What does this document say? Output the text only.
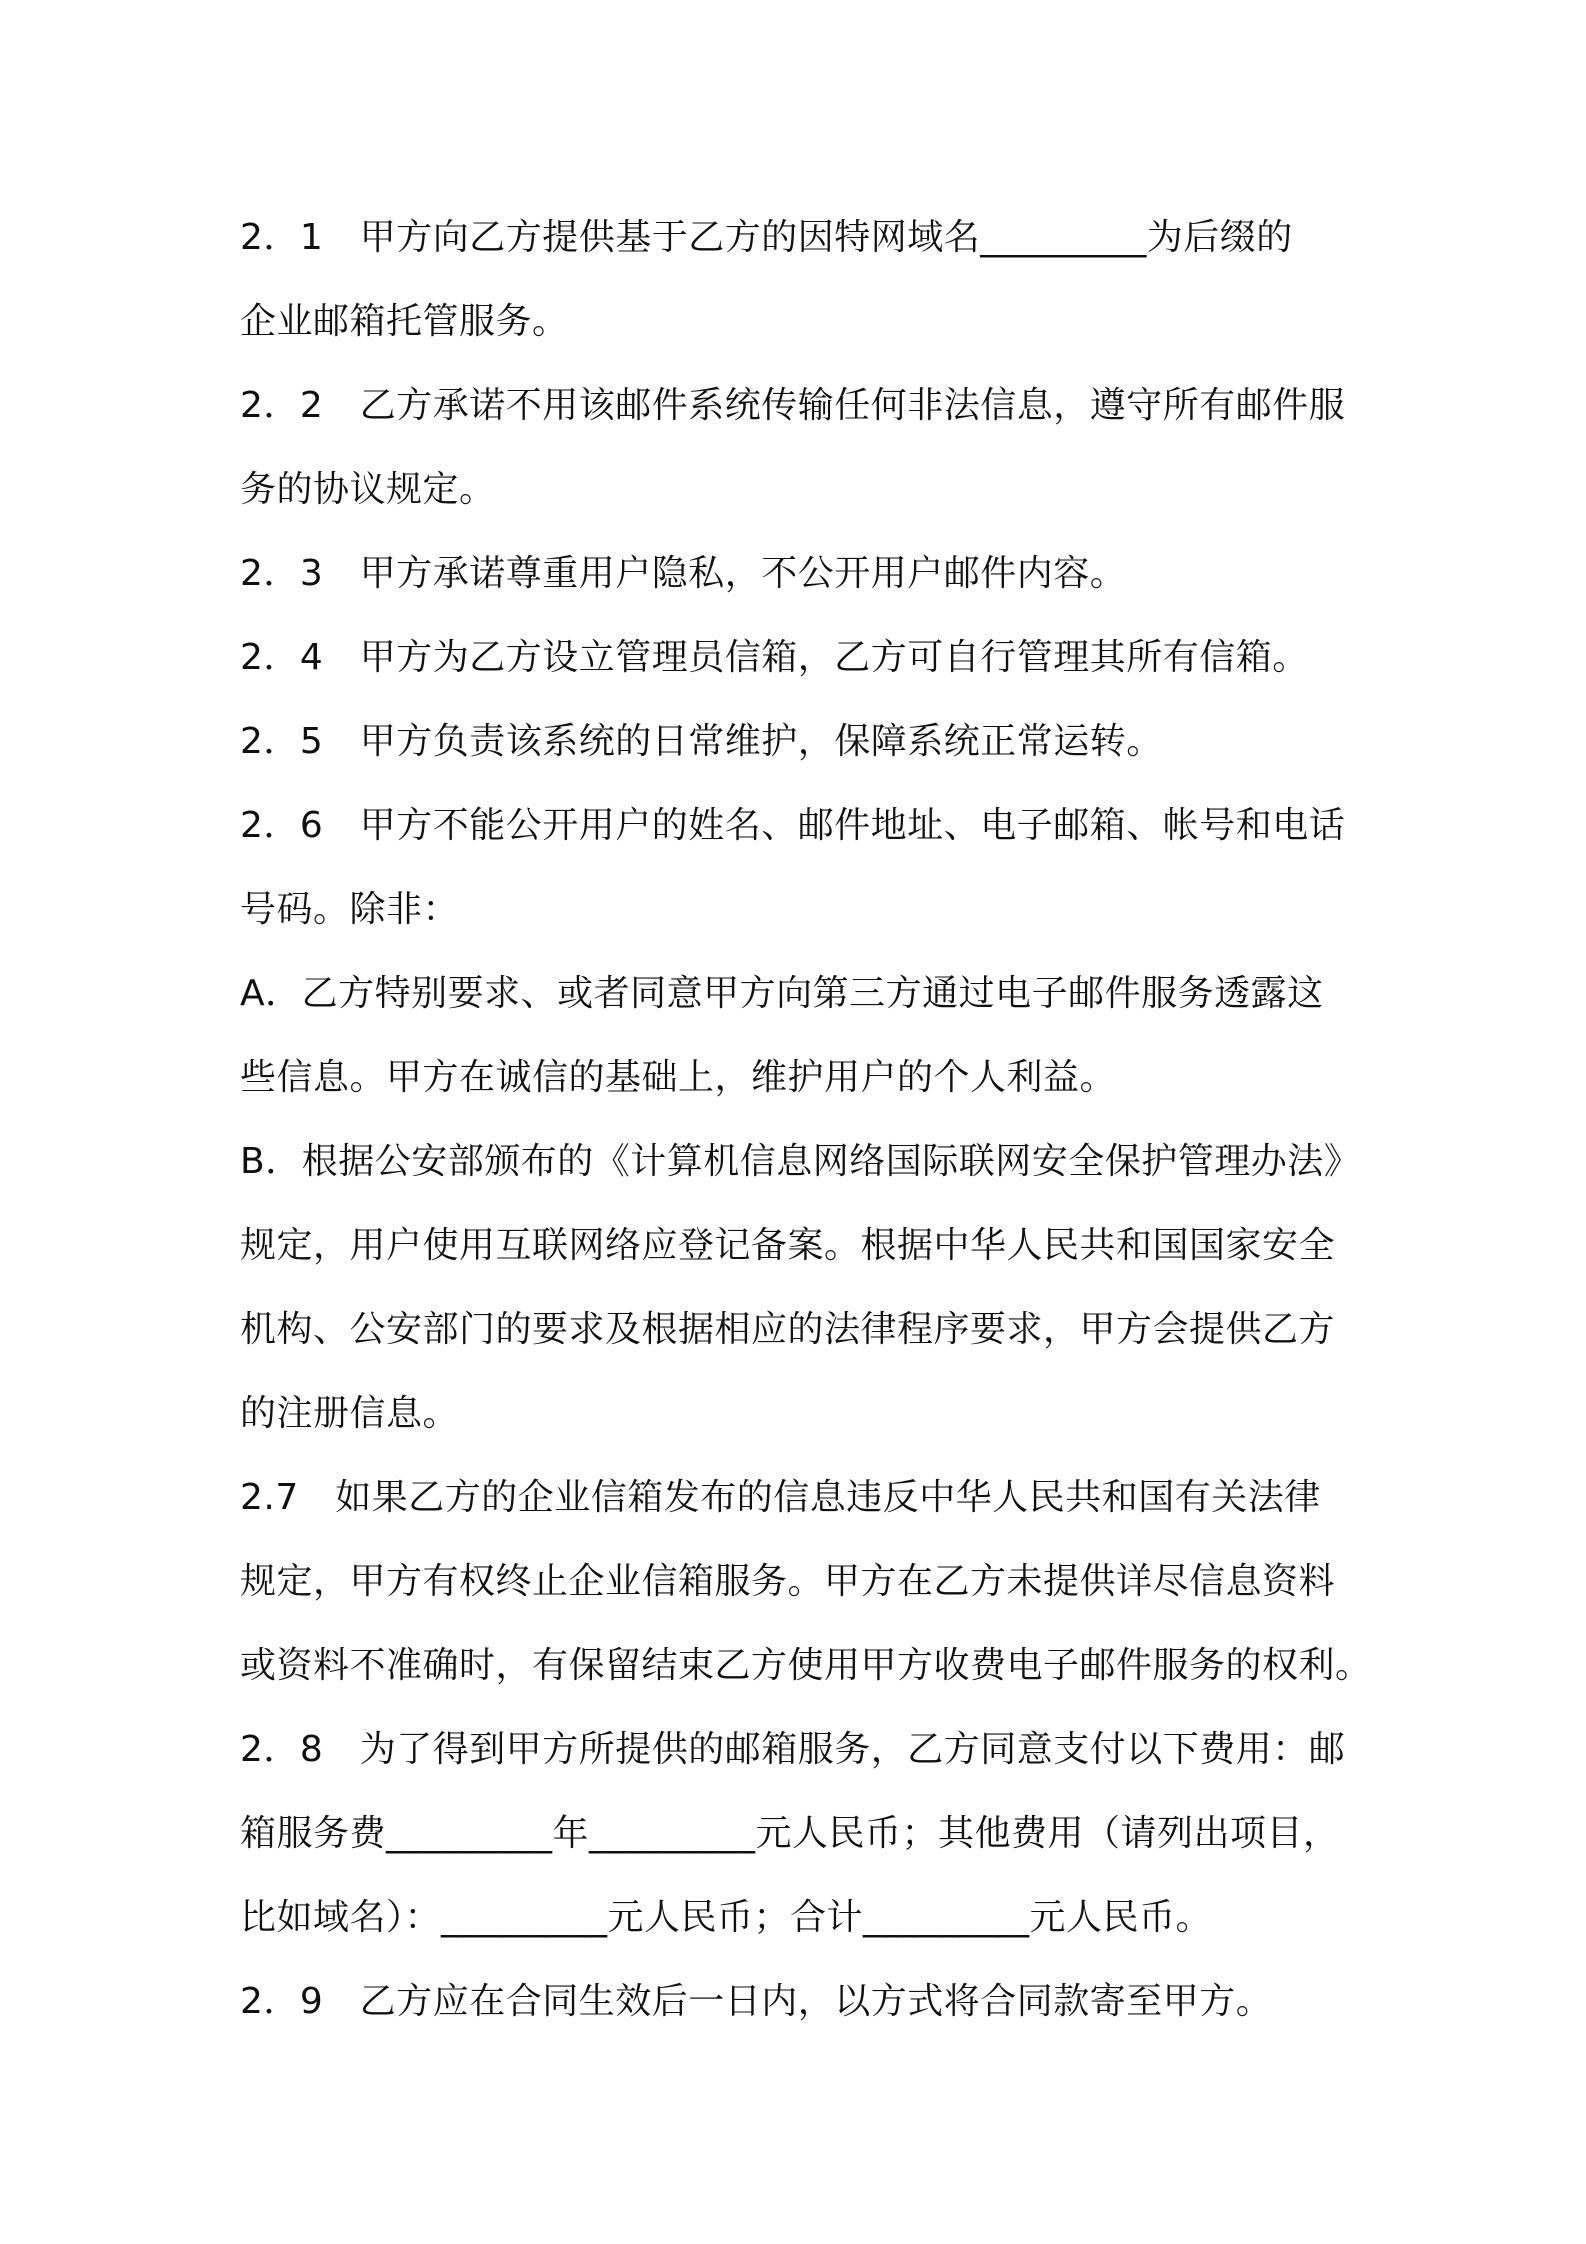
2．1　甲方向乙方提供基于乙方的因特网域名_________为后缀的
企业邮箱托管服务。
2．2　乙方承诺不用该邮件系统传输任何非法信息，遵守所有邮件服
务的协议规定。
2．3　甲方承诺尊重用户隐私，不公开用户邮件内容。
2．4　甲方为乙方设立管理员信箱，乙方可自行管理其所有信箱。
2．5　甲方负责该系统的日常维护，保障系统正常运转。
2．6　甲方不能公开用户的姓名、邮件地址、电子邮箱、帐号和电话
号码。除非：
A．乙方特别要求、或者同意甲方向第三方通过电子邮件服务透露这
些信息。甲方在诚信的基础上，维护用户的个人利益。
B．根据公安部颁布的《计算机信息网络国际联网安全保护管理办法》
规定，用户使用互联网络应登记备案。根据中华人民共和国国家安全
机构、公安部门的要求及根据相应的法律程序要求，甲方会提供乙方
的注册信息。
2.7　如果乙方的企业信箱发布的信息违反中华人民共和国有关法律
规定，甲方有权终止企业信箱服务。甲方在乙方未提供详尽信息资料
或资料不准确时，有保留结束乙方使用甲方收费电子邮件服务的权利。
2．8　为了得到甲方所提供的邮箱服务，乙方同意支付以下费用：邮
箱服务费_________年_________元人民币；其他费用（请列出项目，
比如域名）：_________元人民币；合计_________元人民币。
2．9　乙方应在合同生效后一日内，以方式将合同款寄至甲方。
